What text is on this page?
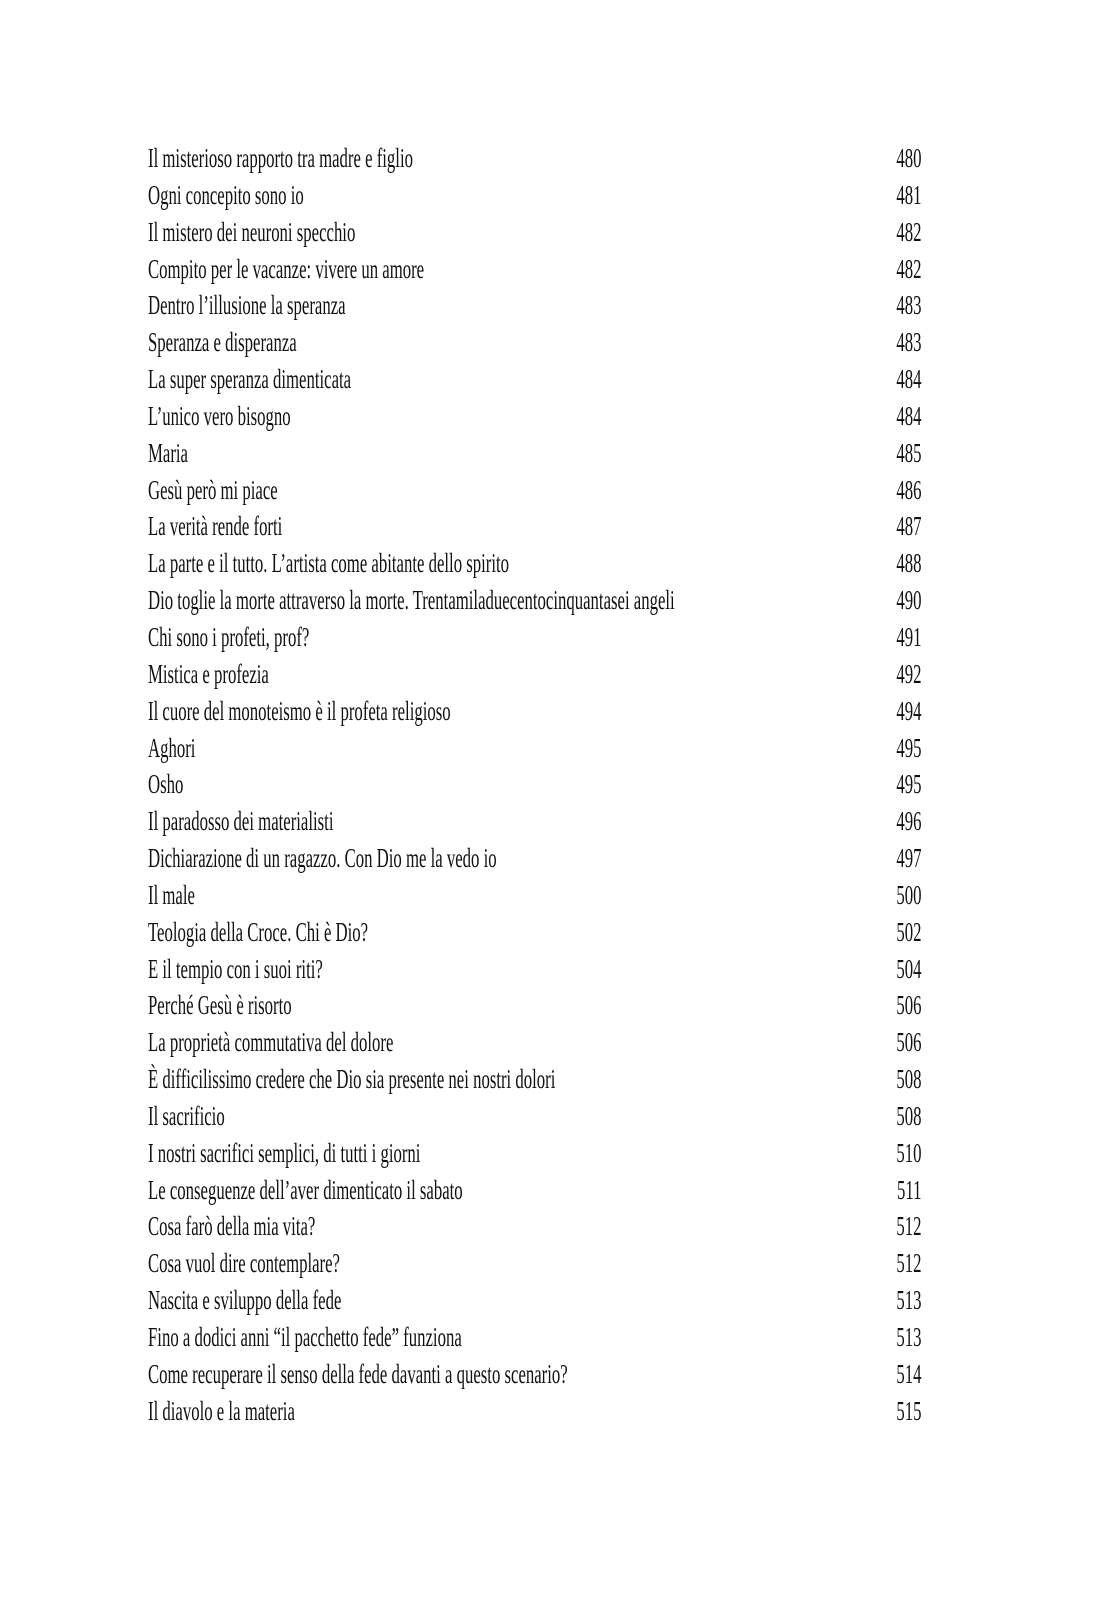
Il misterioso rapporto tra madre e figlio	480
Ogni concepito sono io	481
Il mistero dei neuroni specchio	482
Compito per le vacanze: vivere un amore	482
Dentro l’illusione la speranza	483
Speranza e disperanza	483
La super speranza dimenticata	484
L’unico vero bisogno	484
Maria	485
Gesù però mi piace	486
La verità rende forti	487
La parte e il tutto. L’artista come abitante dello spirito	488
Dio toglie la morte attraverso la morte. Trentamiladuecentocinquantasei angeli	490
Chi sono i profeti, prof?	491
Mistica e profezia	492
Il cuore del monoteismo è il profeta religioso	494
Aghori	495
Osho	495
Il paradosso dei materialisti	496
Dichiarazione di un ragazzo. Con Dio me la vedo io	497
Il male	500
Teologia della Croce. Chi è Dio?	502
E il tempio con i suoi riti?	504
Perché Gesù è risorto	506
La proprietà commutativa del dolore	506
È difficilissimo credere che Dio sia presente nei nostri dolori	508
Il sacrificio	508
I nostri sacrifici semplici, di tutti i giorni	510
Le conseguenze dell’aver dimenticato il sabato	511
Cosa farò della mia vita?	512
Cosa vuol dire contemplare?	512
Nascita e sviluppo della fede	513
Fino a dodici anni “il pacchetto fede” funziona	513
Come recuperare il senso della fede davanti a questo scenario?	514
Il diavolo e la materia	515
